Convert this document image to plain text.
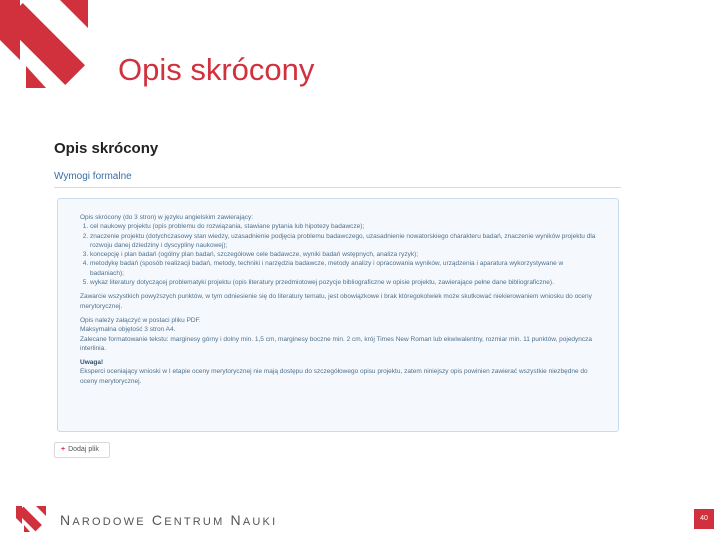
Opis skrócony
Opis skrócony
Wymogi formalne

Opis skrócony (do 3 stron) w języku angielskim zawierający:

1. cel naukowy projektu (opis problemu do rozwiązania, stawiane pytania lub hipotezy badawcze);
2. znaczenie projektu (dotychczasowy stan wiedzy, uzasadnienie podjęcia problemu badawczego, uzasadnienie nowatorskiego charakteru badań, znaczenie wyników projektu dla rozwoju danej dziedziny i dyscypliny naukowej);
3. koncepcję i plan badań (ogólny plan badań, szczegółowe cele badawcze, wyniki badań wstępnych, analiza ryzyk);
4. metodykę badań (sposób realizacji badań, metody, techniki i narzędzia badawcze, metody analizy i opracowania wyników, urządzenia i aparatura wykorzystywane w badaniach);
5. wykaz literatury dotyczącej problematyki projektu (opis literatury przedmiotowej pozycje bibliograficzne w opisie projektu, zawierające pełne dane bibliograficzne).

Zawarcie wszystkich powyższych punktów, w tym odniesienie się do literatury tematu, jest obowiązkowe i brak któregokolwiek może skutkować niekierowaniem wniosku do oceny merytorycznej.

Opis należy załączyć w postaci pliku PDF.

Maksymalna objętość 3 stron A4.

Zalecane formatowanie tekstu: marginesy górny i dolny min. 1,5 cm, marginesy boczne min. 2 cm, krój Times New Roman lub ekwiwalentny, rozmiar min. 11 punktów, pojedyncza interlinia.

Uwaga!

Eksperci oceniający wnioski w I etapie oceny merytorycznej nie mają dostępu do szczegółowego opisu projektu, zatem niniejszy opis powinien zawierać wszystkie niezbędne do oceny merytorycznej.

+ Dodaj plik
NARODOWE CENTRUM NAUKI	40
